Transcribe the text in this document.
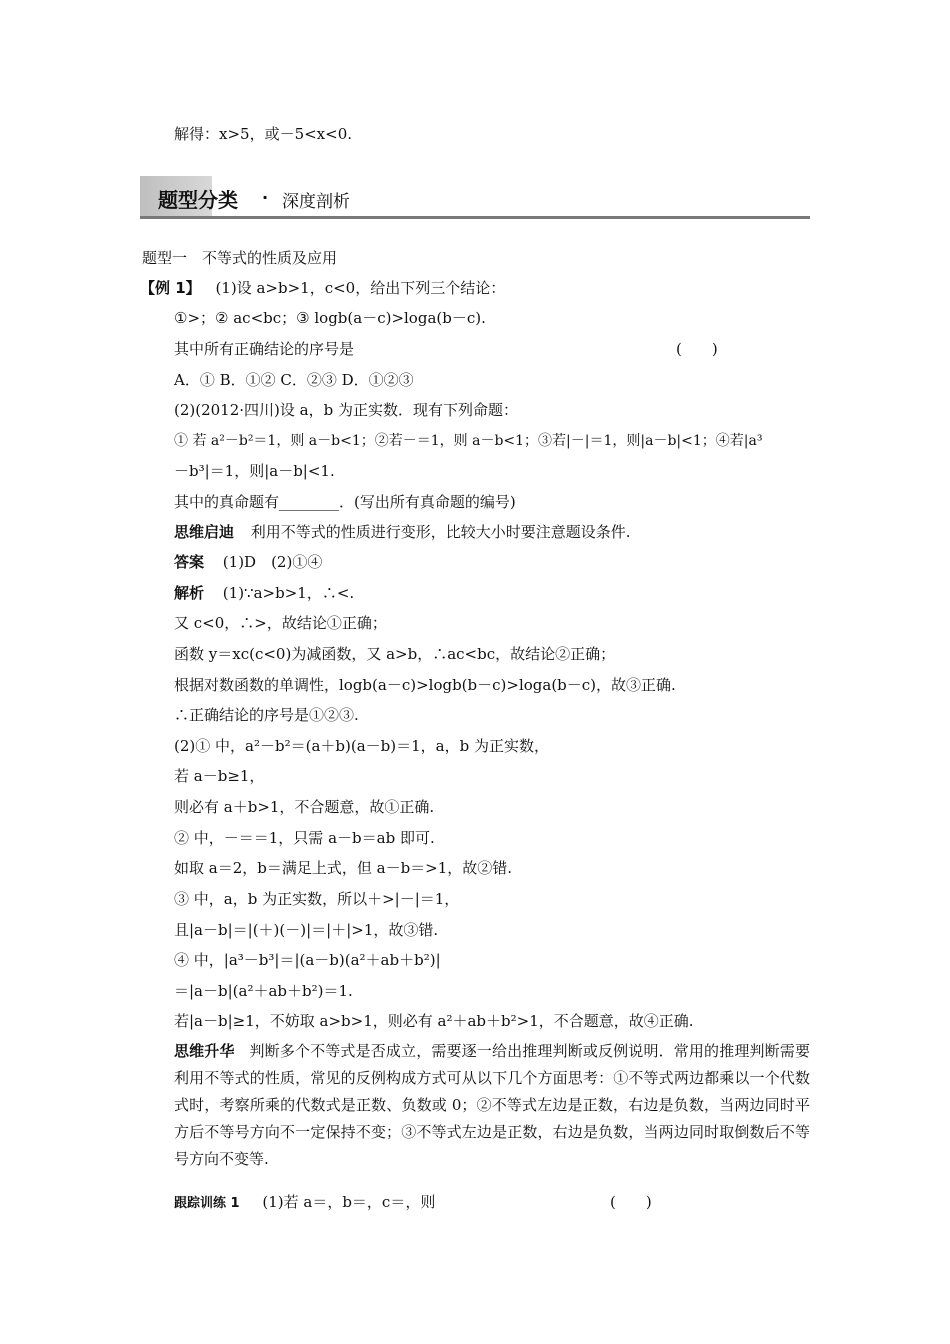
解得：x>5，或－5<x<0.
题型分类 · 深度剖析
题型一　不等式的性质及应用
【例 1】 (1)设 a>b>1，c<0，给出下列三个结论：
①>；② ac<bc；③ logb(a－c)>loga(b－c).
其中所有正确结论的序号是	(　　)
A．① B．①② C．②③ D．①②③
(2)(2012·四川)设 a，b 为正实数．现有下列命题：
① 若 a²－b²＝1，则 a－b<1；②若－＝1，则 a－b<1；③若|－|＝1，则|a－b|<1；④若|a³
－b³|＝1，则|a－b|<1.
其中的真命题有________．(写出所有真命题的编号)
思维启迪 利用不等式的性质进行变形，比较大小时要注意题设条件.
答案 (1)D　(2)①④
解析 (1)∵a>b>1，∴<.
又 c<0，∴>，故结论①正确；
函数 y＝xc(c<0)为减函数，又 a>b，∴ac<bc，故结论②正确；
根据对数函数的单调性，logb(a－c)>logb(b－c)>loga(b－c)，故③正确.
∴正确结论的序号是①②③.
(2)① 中，a²－b²＝(a＋b)(a－b)＝1，a，b 为正实数，
若 a－b≥1，
则必有 a＋b>1，不合题意，故①正确.
② 中，－＝＝1，只需 a－b＝ab 即可.
如取 a＝2，b＝满足上式，但 a－b＝>1，故②错.
③ 中，a，b 为正实数，所以＋>|－|＝1，
且|a－b|＝|(＋)(－)|＝|＋|>1，故③错.
④ 中，|a³－b³|＝|(a－b)(a²＋ab＋b²)|
＝|a－b|(a²＋ab＋b²)＝1.
若|a－b|≥1，不妨取 a>b>1，则必有 a²＋ab＋b²>1，不合题意，故④正确.
思维升华 判断多个不等式是否成立，需要逐一给出推理判断或反例说明．常用的推理判断需要利用不等式的性质，常见的反例构成方式可从以下几个方面思考：①不等式两边都乘以一个代数式时，考察所乘的代数式是正数、负数或 0；②不等式左边是正数，右边是负数，当两边同时平方后不等号方向不一定保持不变；③不等式左边是正数，右边是负数，当两边同时取倒数后不等号方向不变等.
跟踪训练 1 (1)若 a＝，b＝，c＝，则	(　　)
